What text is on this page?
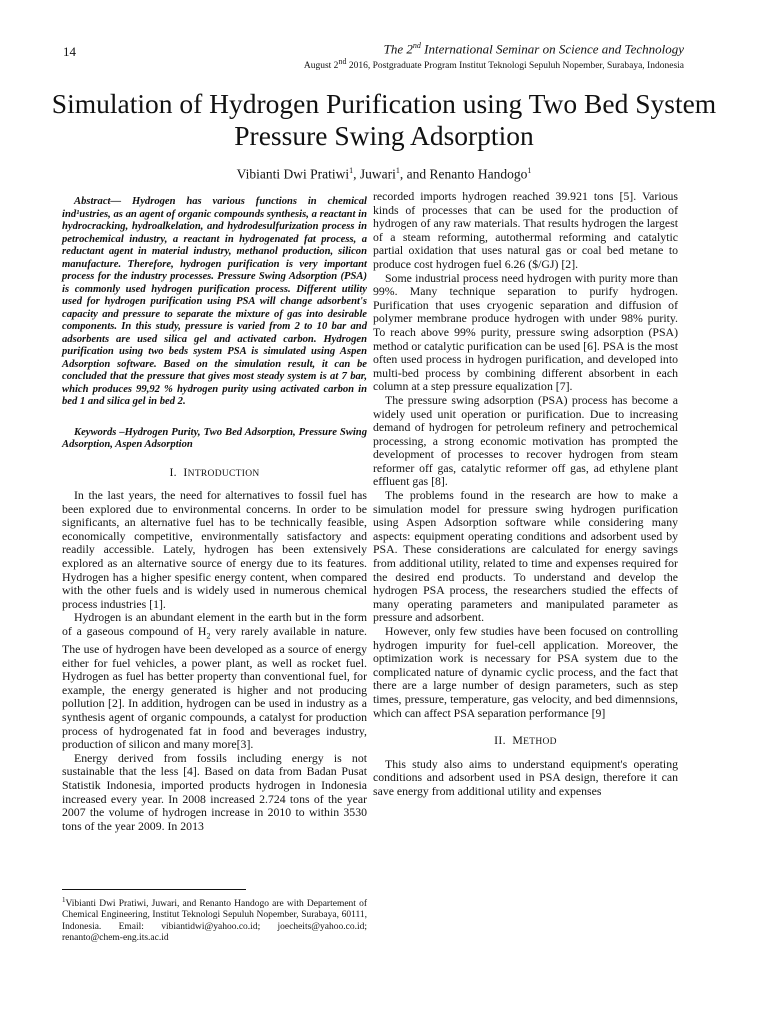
14	The 2nd International Seminar on Science and Technology
August 2nd 2016, Postgraduate Program Institut Teknologi Sepuluh Nopember, Surabaya, Indonesia
Simulation of Hydrogen Purification using Two Bed System Pressure Swing Adsorption
Vibianti Dwi Pratiwi$^1$, Juwari$^1$, and Renanto Handogo$^1$

Abstract— Hydrogen has various functions in chemical ind¹ustries, as an agent of organic compounds synthesis, a reactant in hydrocracking, hydroalkelation, and hydrodesulfurization process in petrochemical industry, a reactant in hydrogenated fat process, a reductant agent in material industry, methanol production, silicon manufacture. Therefore, hydrogen purification is very important process for the industry processes. Pressure Swing Adsorption (PSA) is commonly used hydrogen purification process. Different utility used for hydrogen purification using PSA will change adsorbent's capacity and pressure to separate the mixture of gas into desirable components. In this study, pressure is varied from 2 to 10 bar and adsorbents are used silica gel and activated carbon. Hydrogen purification using two beds system PSA is simulated using Aspen Adsorption software. Based on the simulation result, it can be concluded that the pressure that gives most steady system is at 7 bar, which produces 99,92 % hydrogen purity using activated carbon in bed 1 and silica gel in bed 2.

Keywords –Hydrogen Purity, Two Bed Adsorption, Pressure Swing Adsorption, Aspen Adsorption

I. INTRODUCTION

In the last years, the need for alternatives to fossil fuel has been explored due to environmental concerns. In order to be significants, an alternative fuel has to be technically feasible, economically competitive, environmentally satisfactory and readily accessible. Lately, hydrogen has been extensively explored as an alternative source of energy due to its features. Hydrogen has a higher spesific energy content, when compared with the other fuels and is widely used in numerous chemical process industries [1].

Hydrogen is an abundant element in the earth but in the form of a gaseous compound of $H_2$ very rarely available in nature. The use of hydrogen have been developed as a source of energy either for fuel vehicles, a power plant, as well as rocket fuel. Hydrogen as fuel has better property than conventional fuel, for example, the energy generated is higher and not producing pollution [2]. In addition, hydrogen can be used in industry as a synthesis agent of organic compounds, a catalyst for production process of hydrogenated fat in food and beverages industry, production of silicon and many more[3].

Energy derived from fossils including energy is not sustainable that the less [4]. Based on data from Badan Pusat Statistik Indonesia, imported products hydrogen in Indonesia increased every year. In 2008 increased 2.724 tons of the year 2007 the volume of hydrogen increase in 2010 to within 3530 tons of the year 2009. In 2013

recorded imports hydrogen reached 39.921 tons [5]. Various kinds of processes that can be used for the production of hydrogen of any raw materials. That results hydrogen the largest of a steam reforming, autothermal reforming and catalytic partial oxidation that uses natural gas or coal bed metane to produce cost hydrogen fuel 6.26 ($/GJ) [2].

Some industrial process need hydrogen with purity more than 99%. Many technique separation to purify hydrogen. Purification that uses cryogenic separation and diffusion of polymer membrane produce hydrogen with under 98% purity. To reach above 99% purity, pressure swing adsorption (PSA) method or catalytic purification can be used [6]. PSA is the most often used process in hydrogen purification, and developed into multi-bed process by combining different absorbent in each column at a step pressure equalization [7].

The pressure swing adsorption (PSA) process has become a widely used unit operation or purification. Due to increasing demand of hydrogen for petroleum refinery and petrochemical processing, a strong economic motivation has prompted the development of processes to recover hydrogen from steam reformer off gas, catalytic reformer off gas, ad ethylene plant effluent gas [8].

The problems found in the research are how to make a simulation model for pressure swing hydrogen purification using Aspen Adsorption software while considering many aspects: equipment operating conditions and adsorbent used by PSA. These considerations are calculated for energy savings from additional utility, related to time and expenses required for the desired end products. To understand and develop the hydrogen PSA process, the researchers studied the effects of many operating parameters and manipulated parameter as pressure and adsorbent.

However, only few studies have been focused on controlling hydrogen impurity for fuel-cell application. Moreover, the optimization work is necessary for PSA system due to the complicated nature of dynamic cyclic process, and the fact that there are a large number of design parameters, such as step times, pressure, temperature, gas velocity, and bed dimennsions, which can affect PSA separation performance [9]

II. METHOD

This study also aims to understand equipment's operating conditions and adsorbent used in PSA design, therefore it can save energy from additional utility and expenses

$^1$Vibianti Dwi Pratiwi, Juwari, and Renanto Handogo are with Departement of Chemical Engineering, Institut Teknologi Sepuluh Nopember, Surabaya, 60111, Indonesia. Email: vibiantidwi@yahoo.co.id; joecheits@yahoo.co.id; renanto@chem-eng.its.ac.id
